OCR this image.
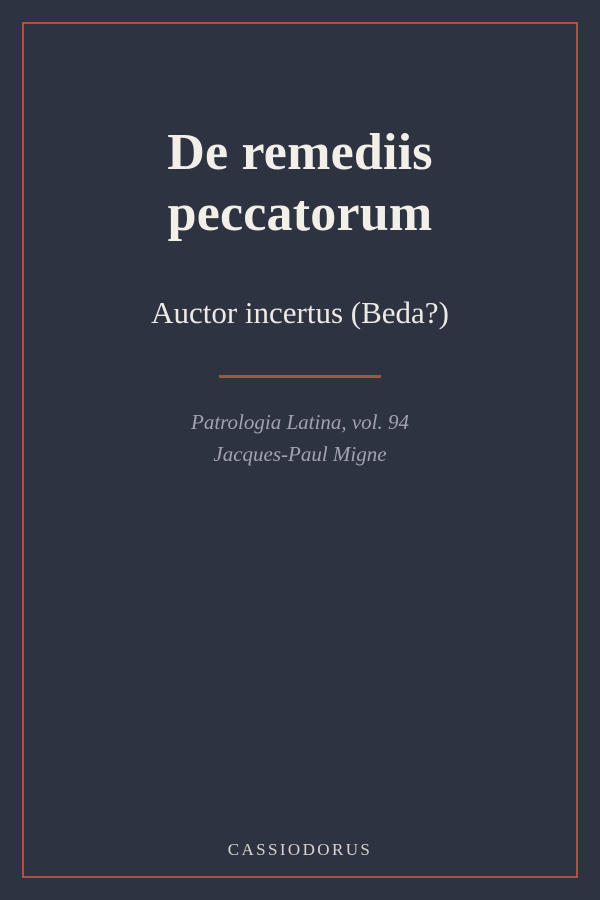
De remediis peccatorum
Auctor incertus (Beda?)
Patrologia Latina, vol. 94
Jacques-Paul Migne
CASSIODORUS
